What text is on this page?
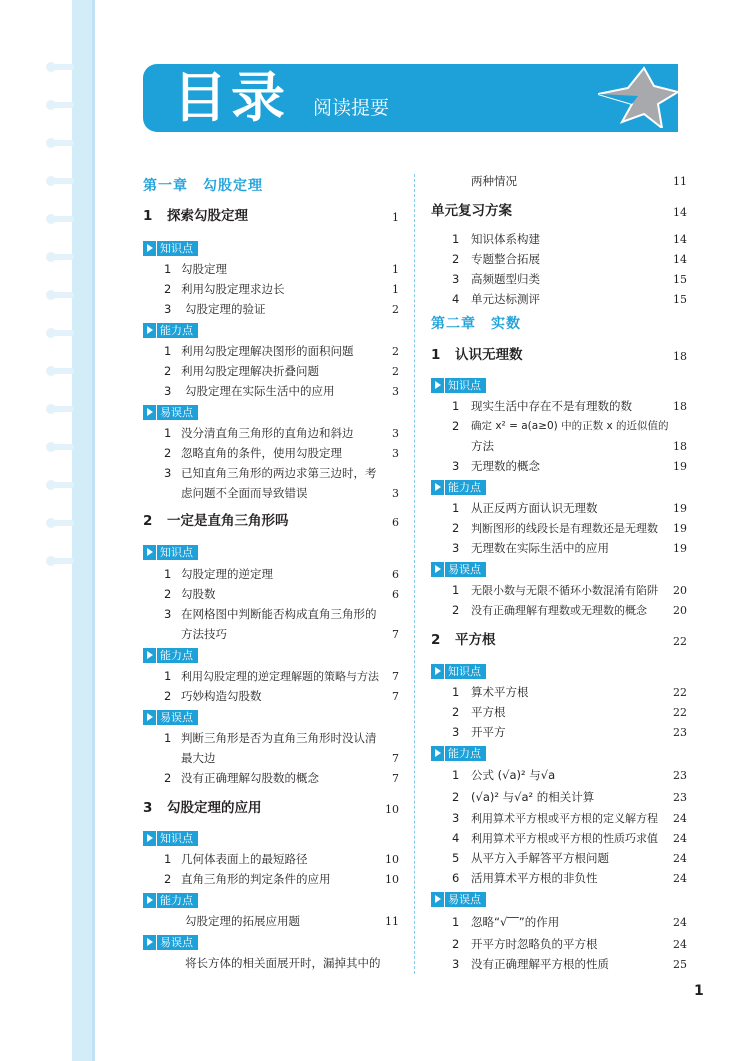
目录 阅读提要
第一章　勾股定理
1 探索勾股定理	1
知识点
1 勾股定理	1
2 利用勾股定理求边长	1
3 勾股定理的验证	2
能力点
1 利用勾股定理解决图形的面积问题	2
2 利用勾股定理解决折叠问题	2
3 勾股定理在实际生活中的应用	3
易误点
1 没分清直角三角形的直角边和斜边	3
2 忽略直角的条件，使用勾股定理	3
3 已知直角三角形的两边求第三边时，考
虑问题不全面而导致错误	3
2 一定是直角三角形吗	6
知识点
1 勾股定理的逆定理	6
2 勾股数	6
3 在网格图中判断能否构成直角三角形的
方法技巧	7
能力点
1 利用勾股定理的逆定理解题的策略与方法 7
2 巧妙构造勾股数	7
易误点
1 判断三角形是否为直角三角形时没认清
最大边	7
2 没有正确理解勾股数的概念	7
3 勾股定理的应用	10
知识点
1 几何体表面上的最短路径	10
2 直角三角形的判定条件的应用	10
能力点
勾股定理的拓展应用题	11
易误点
将长方体的相关面展开时，漏掉其中的
两种情况	11
单元复习方案	14
1 知识体系构建	14
2 专题整合拓展	14
3 高频题型归类	15
4 单元达标测评	15
第二章　实数
1 认识无理数	18
知识点
1 现实生活中存在不是有理数的数	18
2 确定 x² = a(a≥0) 中的正数 x 的近似值的
方法	18
3 无理数的概念	19
能力点
1 从正反两方面认识无理数	19
2 判断图形的线段长是有理数还是无理数 19
3 无理数在实际生活中的应用	19
易误点
1 无限小数与无限不循环小数混淆有陷阱 20
2 没有正确理解有理数或无理数的概念 20
2 平方根	22
知识点
1 算术平方根	22
2 平方根	22
3 开平方	23
能力点
1 公式 (√a)² 与√a	23
2 (√a)² 与√a² 的相关计算	23
3 利用算术平方根或平方根的定义解方程 24
4 利用算术平方根或平方根的性质巧求值 24
5 从平方入手解答平方根问题	24
6 活用算术平方根的非负性	24
易误点
1 忽略“√‾‾”的作用	24
2 开平方时忽略负的平方根	24
3 没有正确理解平方根的性质	25
1
